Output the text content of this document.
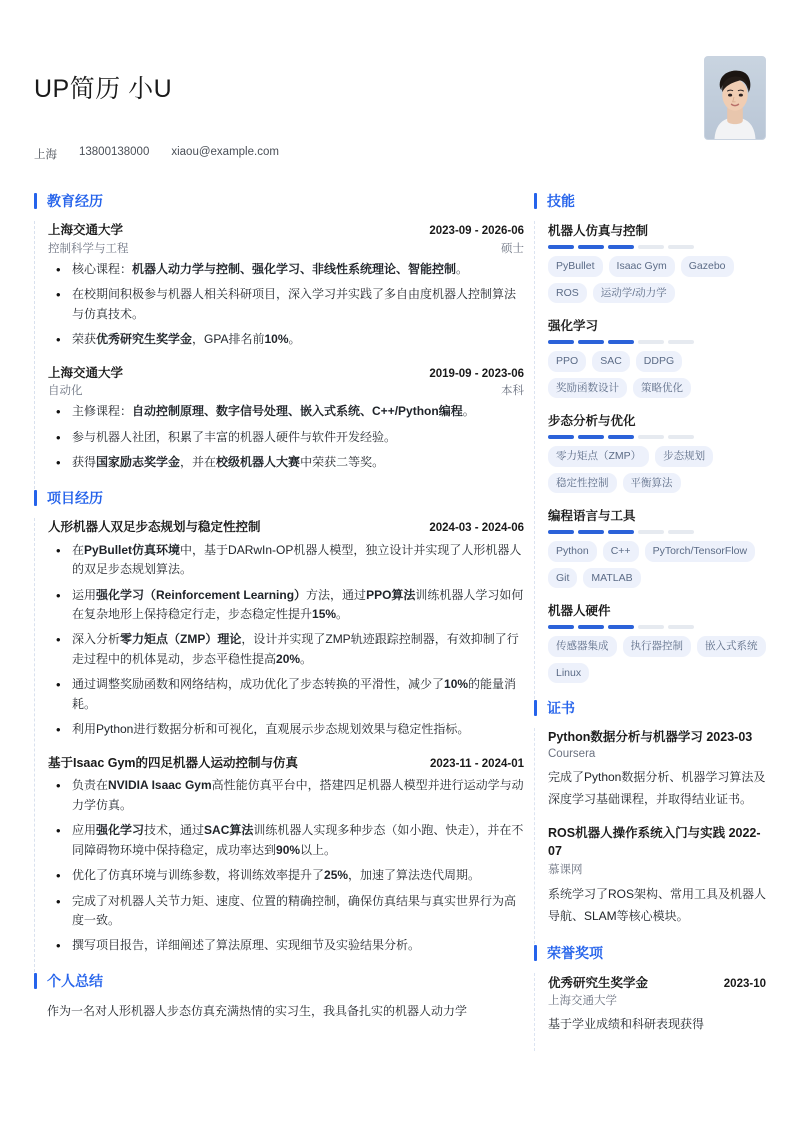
UP简历 小U
上海 13800138000 xiaou@example.com
教育经历
上海交通大学	2023-09 - 2026-06
控制科学与工程	硕士
• 核心课程：机器人动力学与控制、强化学习、非线性系统理论、智能控制。
• 在校期间积极参与机器人相关科研项目，深入学习并实践了多自由度机器人控制算法与仿真技术。
• 荣获优秀研究生奖学金，GPA排名前10%。
上海交通大学	2019-09 - 2023-06
自动化	本科
• 主修课程：自动控制原理、数字信号处理、嵌入式系统、C++/Python编程。
• 参与机器人社团，积累了丰富的机器人硬件与软件开发经验。
• 获得国家励志奖学金，并在校级机器人大赛中荣获二等奖。
项目经历
人形机器人双足步态规划与稳定性控制	2024-03 - 2024-06
• 在PyBullet仿真环境中，基于DARwIn-OP机器人模型，独立设计并实现了人形机器人的双足步态规划算法。
• 运用强化学习（Reinforcement Learning）方法，通过PPO算法训练机器人学习如何在复杂地形上保持稳定行走，步态稳定性提升15%。
• 深入分析零力矩点（ZMP）理论，设计并实现了ZMP轨迹跟踪控制器，有效抑制了行走过程中的机体晃动，步态平稳性提高20%。
• 通过调整奖励函数和网络结构，成功优化了步态转换的平滑性，减少了10%的能量消耗。
• 利用Python进行数据分析和可视化，直观展示步态规划效果与稳定性指标。
基于Isaac Gym的四足机器人运动控制与仿真	2023-11 - 2024-01
• 负责在NVIDIA Isaac Gym高性能仿真平台中，搭建四足机器人模型并进行运动学与动力学仿真。
• 应用强化学习技术，通过SAC算法训练机器人实现多种步态（如小跑、快走），并在不同障碍物环境中保持稳定，成功率达到90%以上。
• 优化了仿真环境与训练参数，将训练效率提升了25%，加速了算法迭代周期。
• 完成了对机器人关节力矩、速度、位置的精确控制，确保仿真结果与真实世界行为高度一致。
• 撰写项目报告，详细阐述了算法原理、实现细节及实验结果分析。
个人总结
作为一名对人形机器人步态仿真充满热情的实习生，我具备扎实的机器人动力学
技能
机器人仿真与控制
PyBullet	Isaac Gym	Gazebo
ROS	运动学/动力学
强化学习
PPO	SAC	DDPG
奖励函数设计	策略优化
步态分析与优化
零力矩点（ZMP）	步态规划
稳定性控制	平衡算法
编程语言与工具
Python	C++	PyTorch/TensorFlow
Git	MATLAB
机器人硬件
传感器集成	执行器控制	嵌入式系统
Linux
证书
Python数据分析与机器学习 2023-03
Coursera
完成了Python数据分析、机器学习算法及深度学习基础课程，并取得结业证书。
ROS机器人操作系统入门与实践 2022-07
慕课网
系统学习了ROS架构、常用工具及机器人导航、SLAM等核心模块。
荣誉奖项
优秀研究生奖学金	2023-10
上海交通大学
基于学业成绩和科研表现获得
